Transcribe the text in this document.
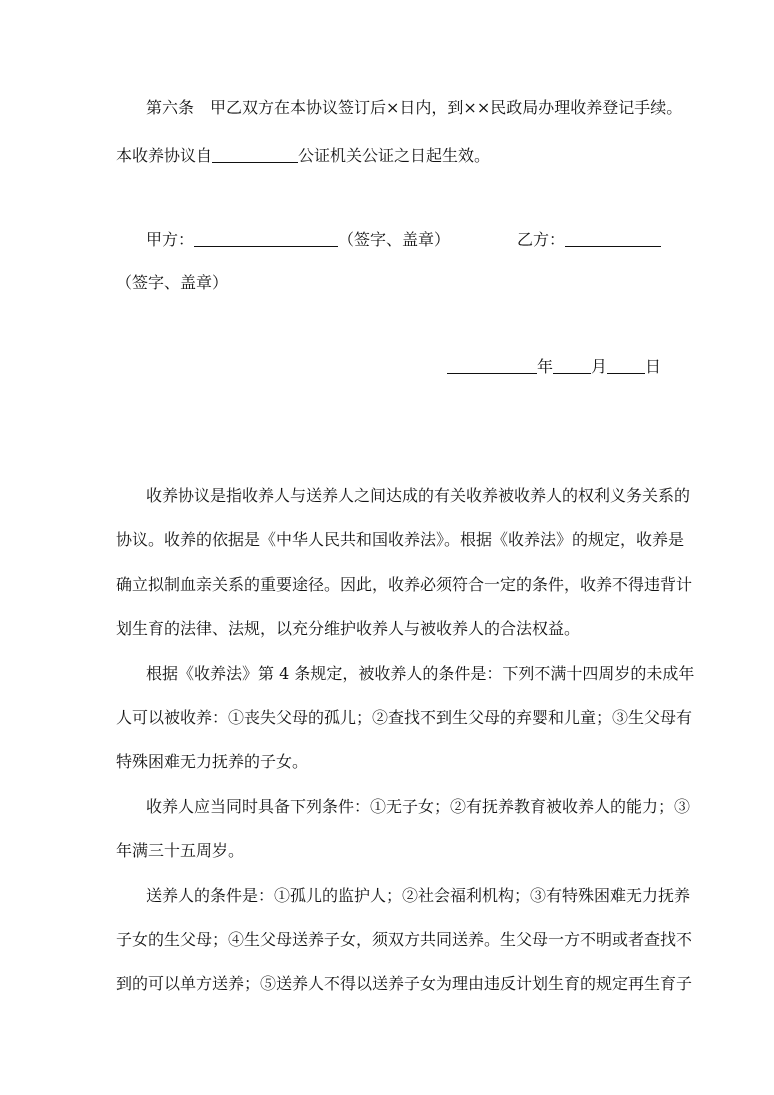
第六条　甲乙双方在本协议签订后×日内，到××民政局办理收养登记手续。
本收养协议自	公证机关公证之日起生效。
甲方：	（签字、盖章）	乙方：
（签字、盖章）
年 月 日
收养协议是指收养人与送养人之间达成的有关收养被收养人的权利义务关系的
协议。收养的依据是《中华人民共和国收养法》。根据《收养法》的规定，收养是
确立拟制血亲关系的重要途径。因此，收养必须符合一定的条件，收养不得违背计
划生育的法律、法规，以充分维护收养人与被收养人的合法权益。
根据《收养法》第 4 条规定，被收养人的条件是：下列不满十四周岁的未成年
人可以被收养：①丧失父母的孤儿；②查找不到生父母的弃婴和儿童；③生父母有
特殊困难无力抚养的子女。
收养人应当同时具备下列条件：①无子女；②有抚养教育被收养人的能力；③
年满三十五周岁。
送养人的条件是：①孤儿的监护人；②社会福利机构；③有特殊困难无力抚养
子女的生父母；④生父母送养子女，须双方共同送养。生父母一方不明或者查找不
到的可以单方送养；⑤送养人不得以送养子女为理由违反计划生育的规定再生育子
